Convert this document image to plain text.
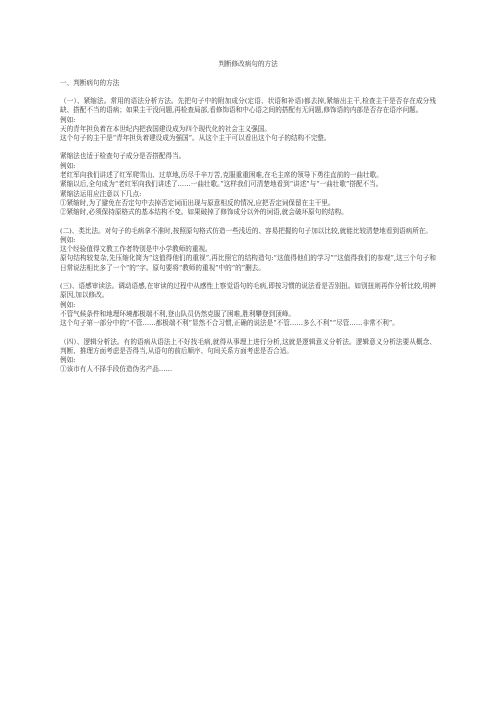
判断修改病句的方法
一、判断病句的方法
（一）、紧缩法。常用的语法分析方法。先把句子中的附加成分(定语、状语和补语)都去掉,紧缩出主干,检查主干是否存在成分残缺、搭配不当的语病；如果主干没问题,再检查局部,看修饰语和中心语之间的搭配有无问题,修饰语的内部是否存在语序问题。
例如:
天的青年担负着在本世纪内把我国建设成为四个现代化的社会主义强国。
这个句子的主干是“青年担负着建设成为强国”。从这个主干可以看出这个句子的结构不完整。
紧缩法也适于检查句子成分是否搭配得当。
例如:
老红军向我们讲述了红军爬雪山、过草地,历尽千辛万苦,克服重重困难,在毛主席的领导下勇往直前的一曲壮歌。
紧缩以后,全句成为“老红军向我们讲述了……一曲壮歌。”这样我们可清楚地看到“讲述”与“一曲壮歌”搭配不当。
紧缩法运用应注意以下几点:
①紧缩时,为了避免在否定句中去掉否定词而出现与原意相反的情况,应把否定词保留在主干里。
②紧缩时,必须保持原格式的基本结构不变。如果破掉了修饰成分以外的词语,就会破坏原句的结构。
(二)、类比法。对句子的毛病拿不准时,按照原句格式仿造一些浅近的、容易把握的句子加以比较,就能比较清楚地看到语病所在。
例如:
这个经验值得文教工作者特别是中小学教师的重视。
原句结构较复杂,先压缩化简为“这值得他们的重视”,再比照它的结构造句:“这值得他们的学习”“这值得我们的参观”,这三个句子和日常说法相比多了一个“的”字。原句要将“教师的重视”中的“的”删去。
(三)、语感审读法。调动语感,在审读的过程中从感性上察觉语句的毛病,即按习惯的说法看是否别扭。如别扭则再作分析比较,明辨原因,加以修改。
例如:
不管气候条件和地理环境都极端不利,登山队员仍然克服了困难,胜利攀登到顶峰。
这个句子第一部分中的“不管……都极端不利”显然不合习惯,正确的说法是“不管……多么不利”“尽管……非常不利”。
（四）、逻辑分析法。有的语病从语法上不好找毛病,就得从事理上进行分析,这就是逻辑意义分析法。逻辑意义分析法要从概念、判断、推理方面考虑是否得当,从语句的前后顺序、句间关系方面考虑是否合适。
例如:
①该市有人不择手段仿造伪劣产品……
